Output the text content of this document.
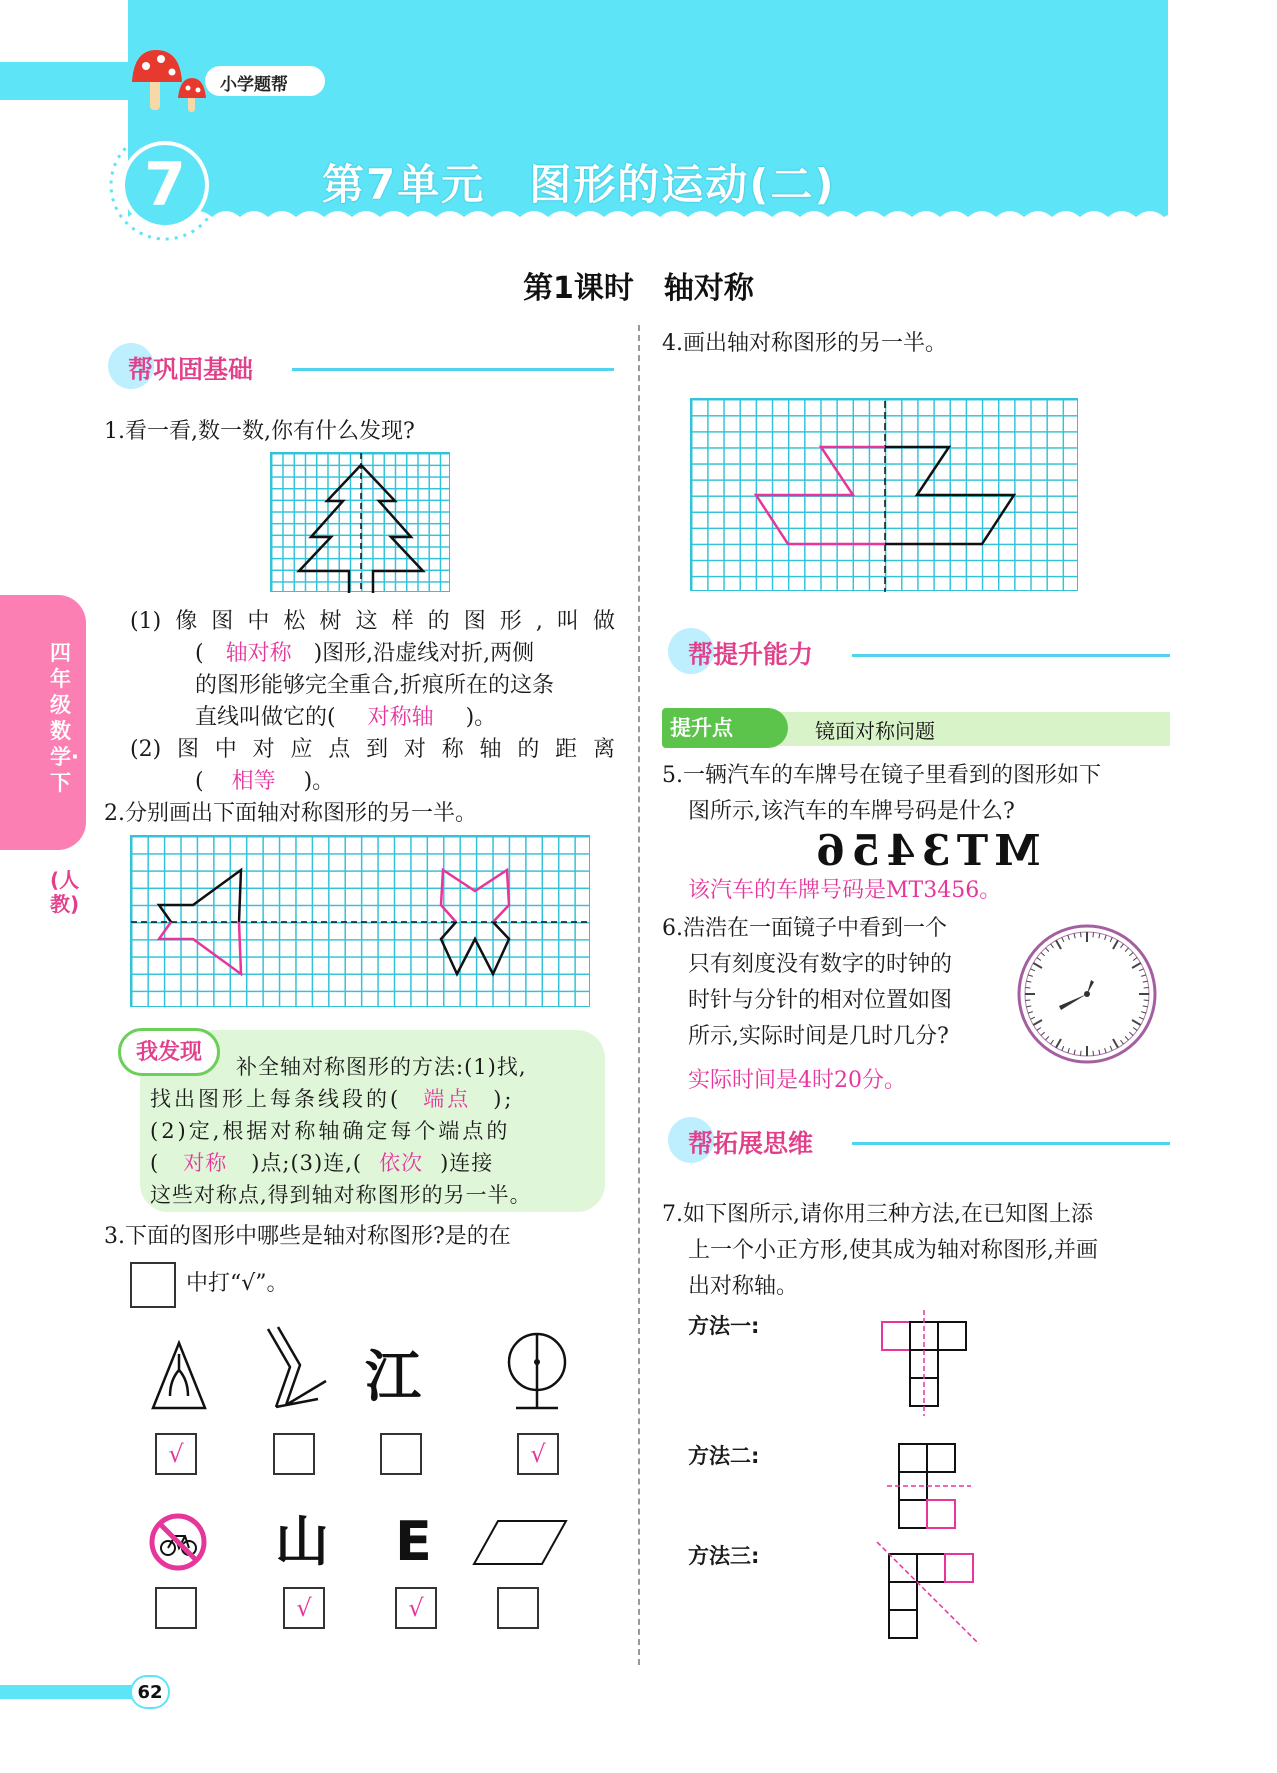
小学题帮
7	第7单元　图形的运动(二)
第1课时　轴对称
四年级数学·下
(人教)
帮巩固基础
1.看一看,数一数,你有什么发现?
(1)像图中松树这样的图形,叫做
( 轴对称 )图形,沿虚线对折,两侧
的图形能够完全重合,折痕所在的这条
直线叫做它的( 对称轴 )。
(2)图中对应点到对称轴的距离
( 相等 )。
2.分别画出下面轴对称图形的另一半。
我发现
补全轴对称图形的方法:(1)找,
找出图形上每条线段的( 端点 );
(2)定,根据对称轴确定每个端点的
( 对称 )点;(3)连,( 依次 )连接
这些对称点,得到轴对称图形的另一半。
3.下面的图形中哪些是轴对称图形?是的在
中打“√”。
江
√	√
山 E
√	√
4.画出轴对称图形的另一半。
帮提升能力
提升点	镜面对称问题
5.一辆汽车的车牌号在镜子里看到的图形如下
图所示,该汽车的车牌号码是什么?
MT3456
该汽车的车牌号码是MT3456。
6.浩浩在一面镜子中看到一个
只有刻度没有数字的时钟的
时针与分针的相对位置如图
所示,实际时间是几时几分?
实际时间是4时20分。
帮拓展思维
7.如下图所示,请你用三种方法,在已知图上添
上一个小正方形,使其成为轴对称图形,并画
出对称轴。
方法一:
方法二:
方法三:
62
